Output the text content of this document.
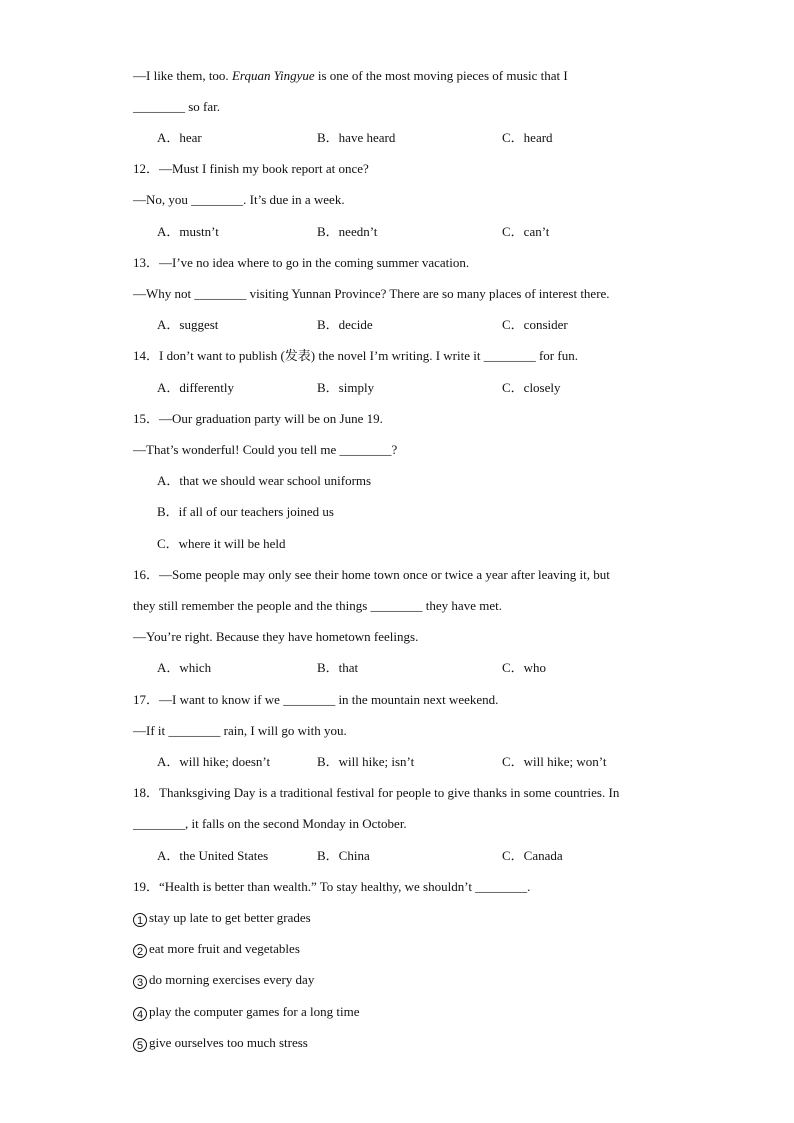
—I like them, too. Erquan Yingyue is one of the most moving pieces of music that I
________ so far.
A．hear	B．have heard	C．heard
12．—Must I finish my book report at once?
—No, you ________. It’s due in a week.
A．mustn’t	B．needn’t	C．can’t
13．—I’ve no idea where to go in the coming summer vacation.
—Why not ________ visiting Yunnan Province? There are so many places of interest there.
A．suggest	B．decide	C．consider
14．I don’t want to publish (发表) the novel I’m writing. I write it ________ for fun.
A．differently	B．simply	C．closely
15．—Our graduation party will be on June 19.
—That’s wonderful! Could you tell me ________?
A．that we should wear school uniforms
B．if all of our teachers joined us
C．where it will be held
16．—Some people may only see their home town once or twice a year after leaving it, but
they still remember the people and the things ________ they have met.
—You’re right. Because they have hometown feelings.
A．which	B．that	C．who
17．—I want to know if we ________ in the mountain next weekend.
—If it ________ rain, I will go with you.
A．will hike; doesn’t	B．will hike; isn’t	C．will hike; won’t
18．Thanksgiving Day is a traditional festival for people to give thanks in some countries. In
________, it falls on the second Monday in October.
A．the United States	B．China	C．Canada
19．“Health is better than wealth.” To stay healthy, we shouldn’t ________.
1 stay up late to get better grades
2 eat more fruit and vegetables
3 do morning exercises every day
4 play the computer games for a long time
5 give ourselves too much stress
